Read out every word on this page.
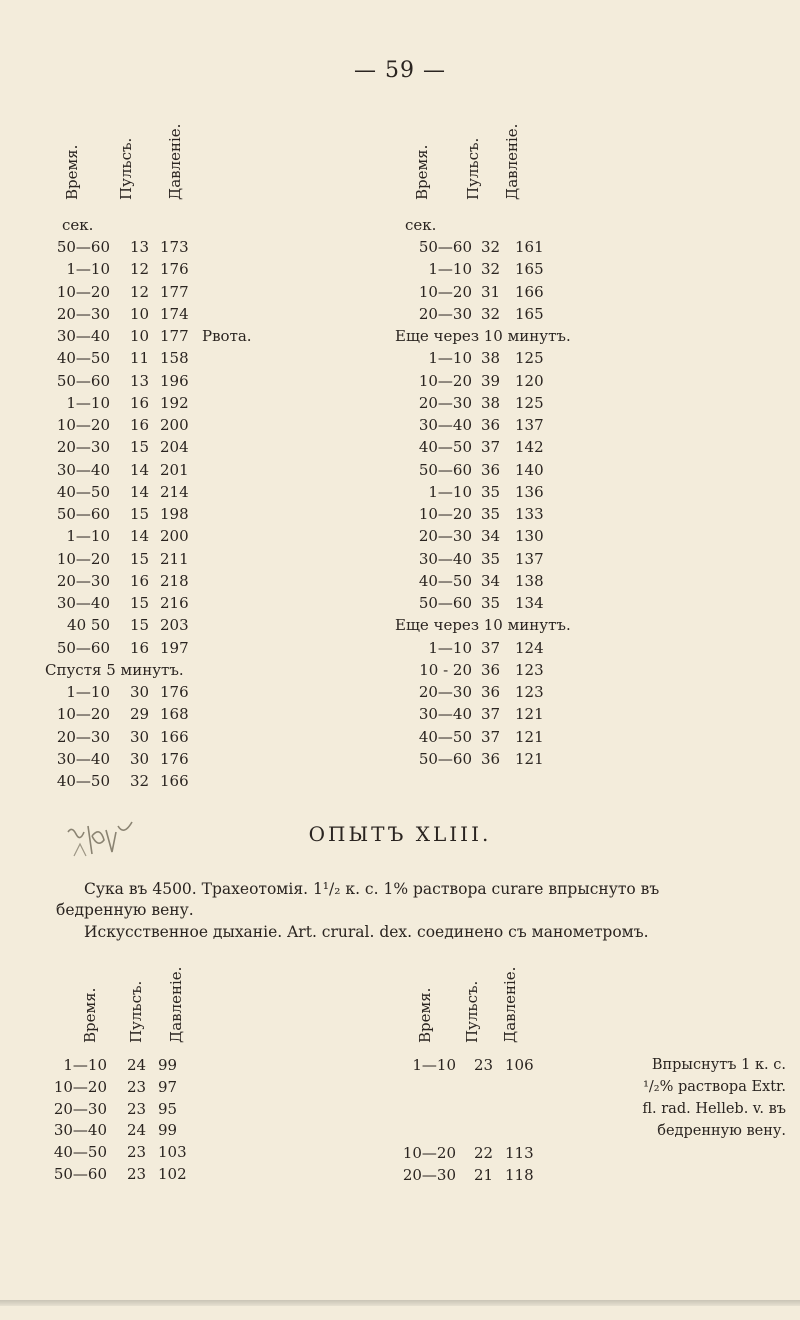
— 59 —
Время. Пульсъ. Давленіе.
сек.
Время. Пульсъ. Давленіе.
сек.
50—60 13 173
1—10 12 176
10—20 12 177
20—30 10 174
30—40 10 177 Рвота.
40—50 11 158
50—60 13 196
1—10 16 192
10—20 16 200
20—30 15 204
30—40 14 201
40—50 14 214
50—60 15 198
1—10 14 200
10—20 15 211
20—30 16 218
30—40 15 216
40 50 15 203
50—60 16 197
Спустя 5 минутъ.
1—10 30 176
10—20 29 168
20—30 30 166
30—40 30 176
40—50 32 166
50—60 32 161
1—10 32 165
10—20 31 166
20—30 32 165
Еще через 10 минутъ.
1—10 38 125
10—20 39 120
20—30 38 125
30—40 36 137
40—50 37 142
50—60 36 140
1—10 35 136
10—20 35 133
20—30 34 130
30—40 35 137
40—50 34 138
50—60 35 134
Еще через 10 минутъ.
1—10 37 124
10 - 20 36 123
20—30 36 123
30—40 37 121
40—50 37 121
50—60 36 121
ОПЫТЪ XLIII.
Сука въ 4500. Трахеотомія. 1¹/₂ к. с. 1% раствора curare впрыснуто въ
бедренную вену.
Искусственное дыханіе. Art. crural. dex. соединено съ манометромъ.
Время. Пульсъ. Давленіе.	Время. Пульсъ. Давленіе.
1—10 24 99
10—20 23 97
20—30 23 95
30—40 24 99
40—50 23 103
50—60 23 102
1—10 23 106
10—20 22 113
20—30 21 118
Впрыснутъ 1 к. с.
¹/₂% раствора Extr.
fl. rad. Helleb. v. въ
бедренную вену.
